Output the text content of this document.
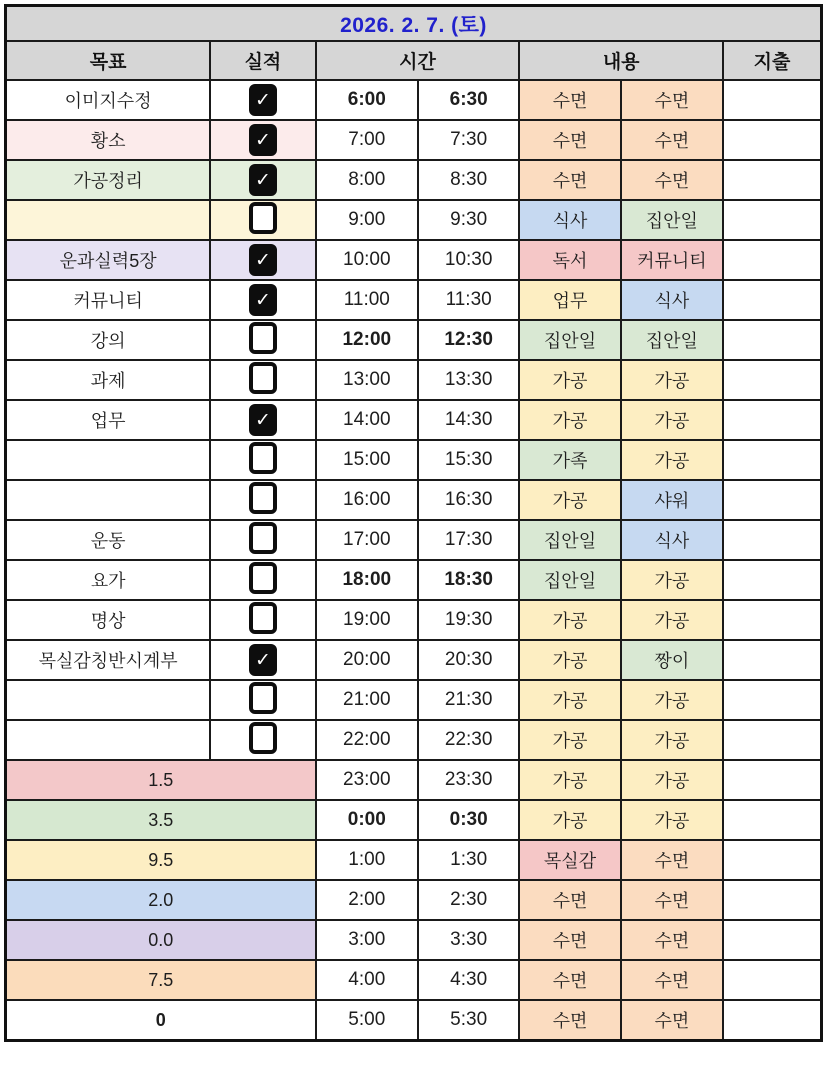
2026. 2. 7. (토)						
목표	실적	시간		내용		지출
이미지수정	✓	6:00	6:30	수면	수면	
황소	✓	7:00	7:30	수면	수면	
가공정리	✓	8:00	8:30	수면	수면	
		9:00	9:30	식사	집안일	
운과실력5장	✓	10:00	10:30	독서	커뮤니티	
커뮤니티	✓	11:00	11:30	업무	식사	
강의		12:00	12:30	집안일	집안일	
과제		13:00	13:30	가공	가공	
업무	✓	14:00	14:30	가공	가공	
		15:00	15:30	가족	가공	
		16:00	16:30	가공	샤워	
운동		17:00	17:30	집안일	식사	
요가		18:00	18:30	집안일	가공	
명상		19:00	19:30	가공	가공	
목실감칭반시계부	✓	20:00	20:30	가공	짱이	
		21:00	21:30	가공	가공	
		22:00	22:30	가공	가공	
1.5		23:00	23:30	가공	가공	
3.5		0:00	0:30	가공	가공	
9.5		1:00	1:30	목실감	수면	
2.0		2:00	2:30	수면	수면	
0.0		3:00	3:30	수면	수면	
7.5		4:00	4:30	수면	수면	
0		5:00	5:30	수면	수면	
